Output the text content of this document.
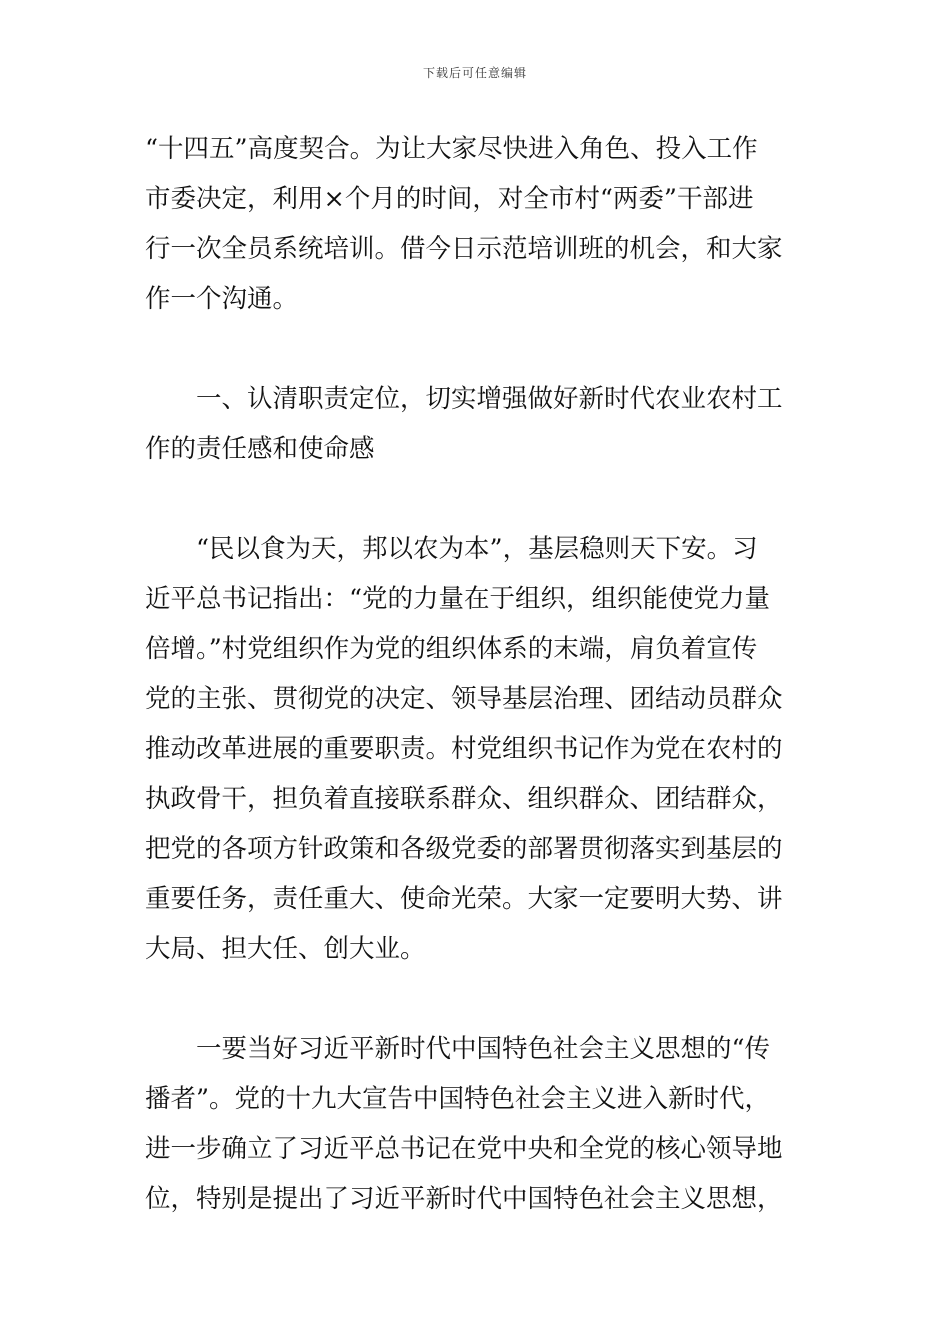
下载后可任意编辑
“十四五”高度契合。为让大家尽快进入角色、投入工作
市委决定，利用×个月的时间，对全市村“两委”干部进
行一次全员系统培训。借今日示范培训班的机会，和大家
作一个沟通。
　　一、认清职责定位，切实增强做好新时代农业农村工
作的责任感和使命感
　　“民以食为天，邦以农为本”，基层稳则天下安。习
近平总书记指出：“党的力量在于组织，组织能使党力量
倍增。”村党组织作为党的组织体系的末端，肩负着宣传
党的主张、贯彻党的决定、领导基层治理、团结动员群众
推动改革进展的重要职责。村党组织书记作为党在农村的
执政骨干，担负着直接联系群众、组织群众、团结群众，
把党的各项方针政策和各级党委的部署贯彻落实到基层的
重要任务，责任重大、使命光荣。大家一定要明大势、讲
大局、担大任、创大业。
　　一要当好习近平新时代中国特色社会主义思想的“传
播者”。党的十九大宣告中国特色社会主义进入新时代，
进一步确立了习近平总书记在党中央和全党的核心领导地
位，特别是提出了习近平新时代中国特色社会主义思想，
